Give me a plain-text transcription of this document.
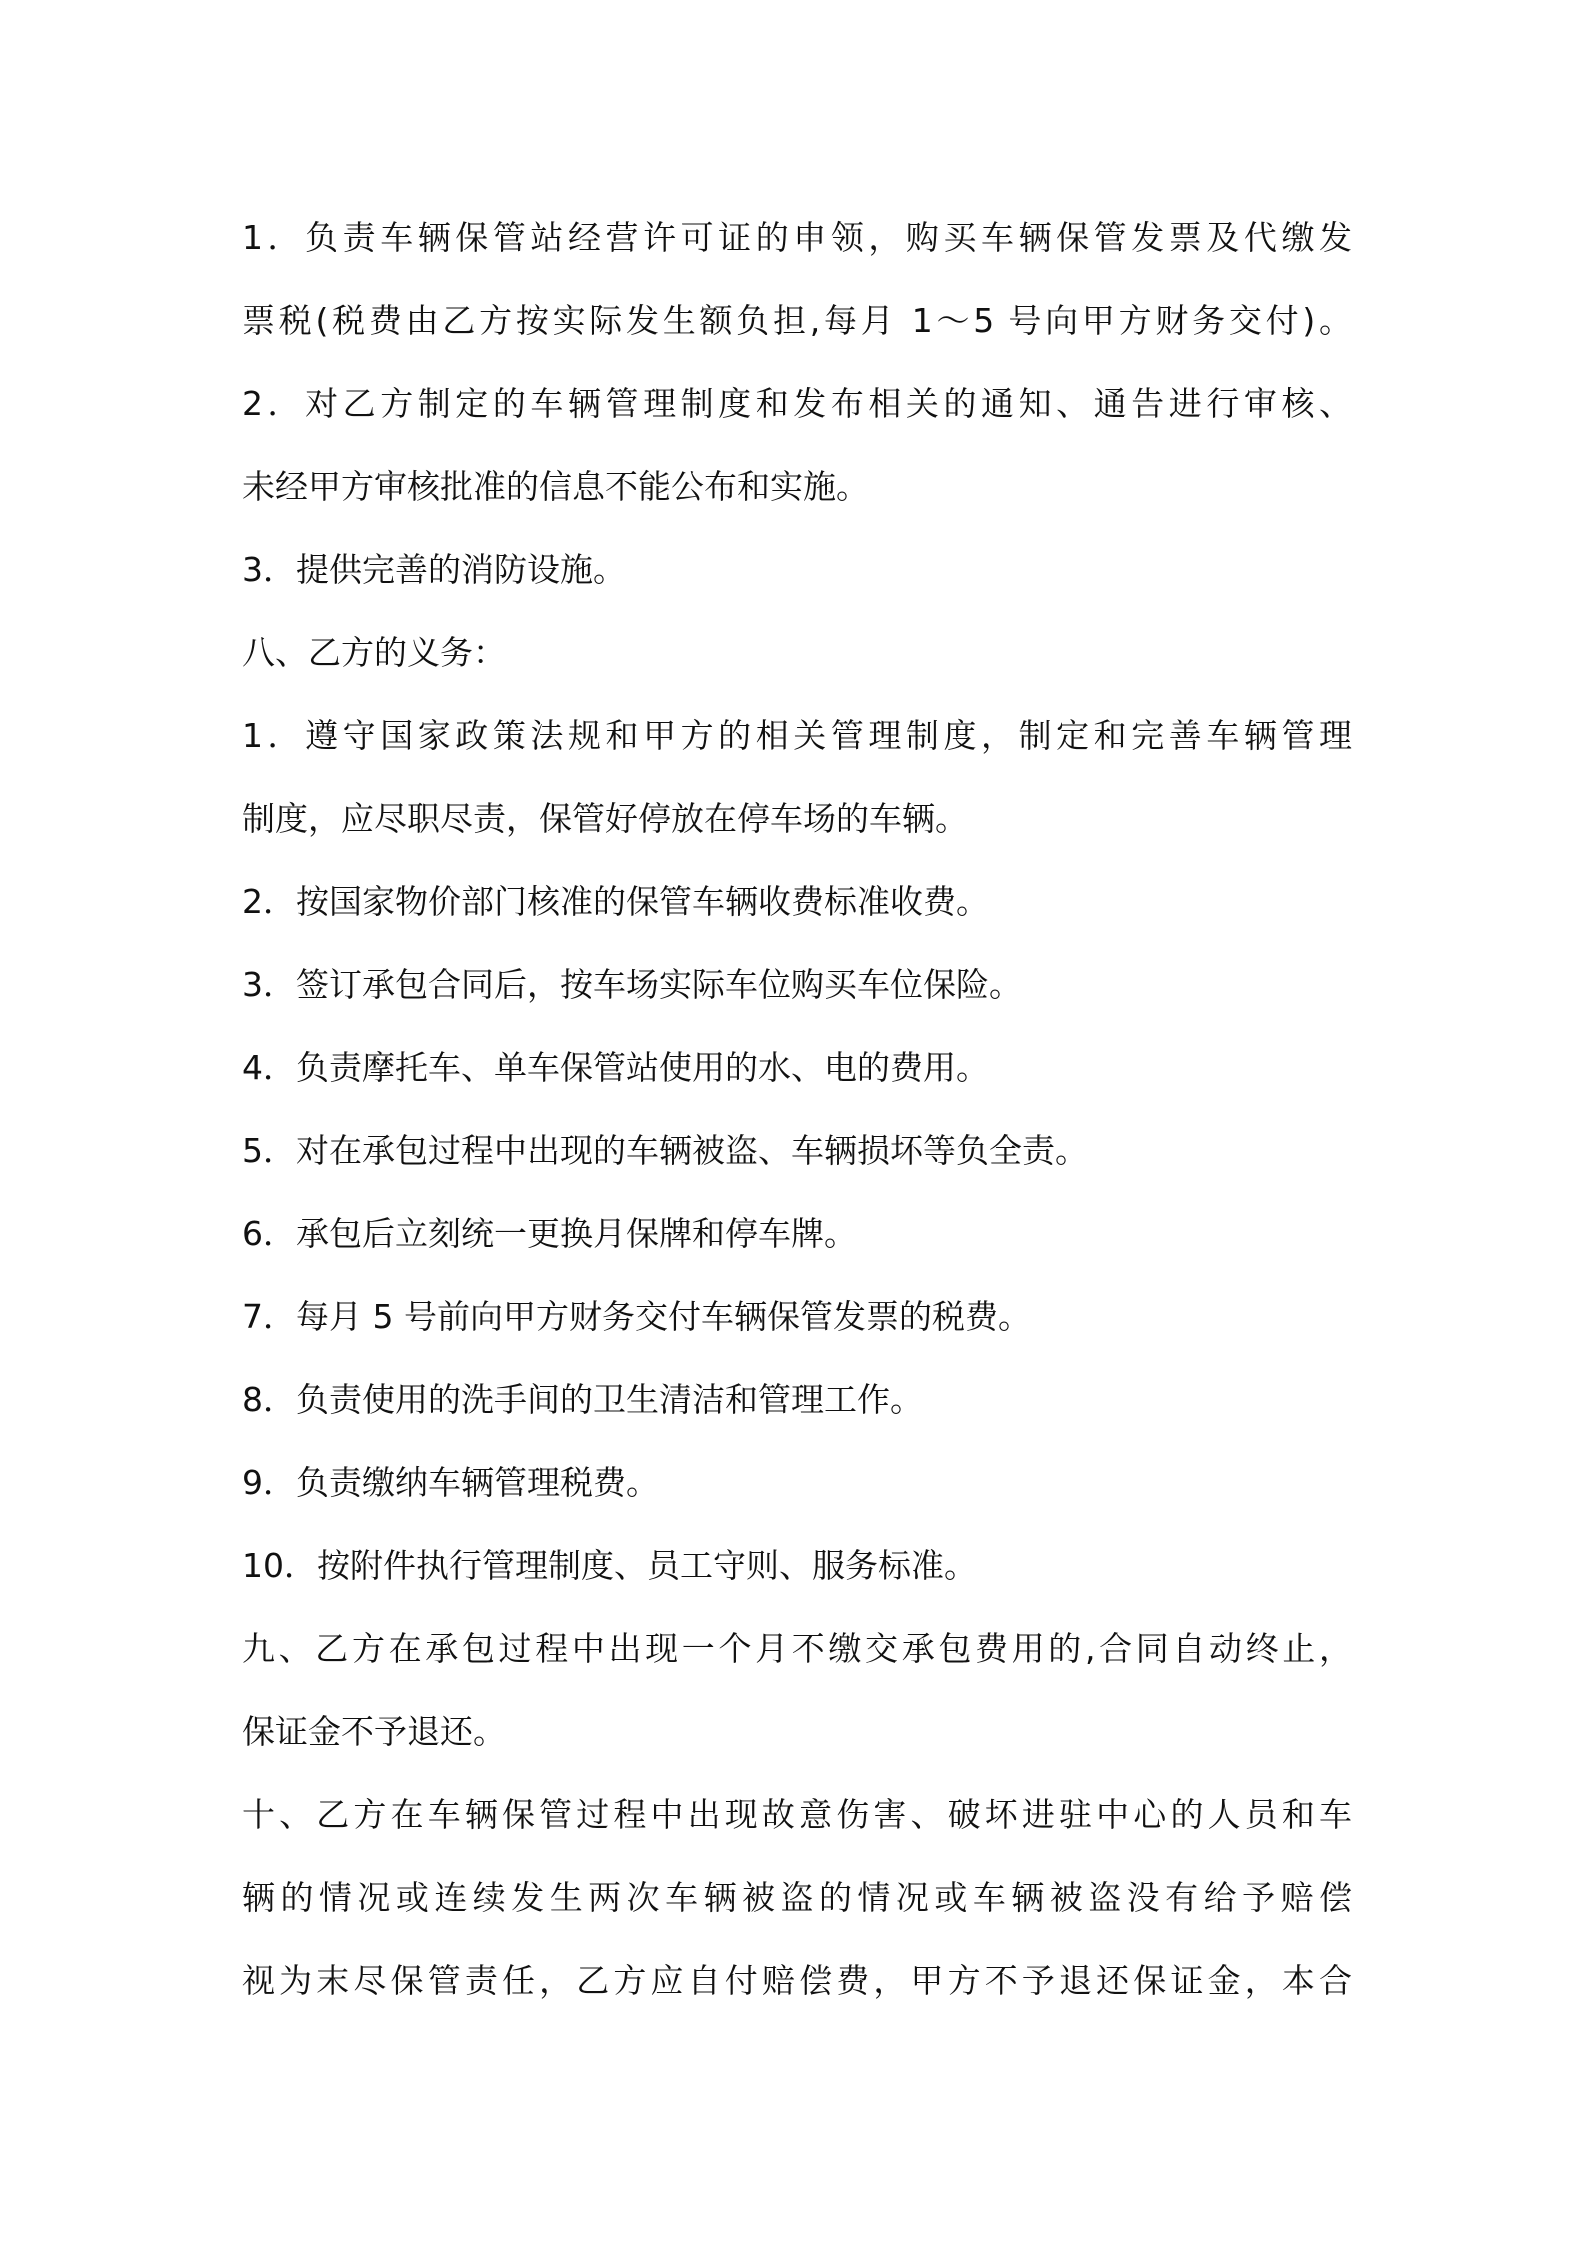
1．负责车辆保管站经营许可证的申领，购买车辆保管发票及代缴发
票税(税费由乙方按实际发生额负担,每月 1～5 号向甲方财务交付)。
2．对乙方制定的车辆管理制度和发布相关的通知、通告进行审核、
未经甲方审核批准的信息不能公布和实施。
3．提供完善的消防设施。
八、乙方的义务：
1．遵守国家政策法规和甲方的相关管理制度，制定和完善车辆管理
制度，应尽职尽责，保管好停放在停车场的车辆。
2．按国家物价部门核准的保管车辆收费标准收费。
3．签订承包合同后，按车场实际车位购买车位保险。
4．负责摩托车、单车保管站使用的水、电的费用。
5．对在承包过程中出现的车辆被盗、车辆损坏等负全责。
6．承包后立刻统一更换月保牌和停车牌。
7．每月 5 号前向甲方财务交付车辆保管发票的税费。
8．负责使用的洗手间的卫生清洁和管理工作。
9．负责缴纳车辆管理税费。
10．按附件执行管理制度、员工守则、服务标准。
九、乙方在承包过程中出现一个月不缴交承包费用的,合同自动终止，
保证金不予退还。
十、乙方在车辆保管过程中出现故意伤害、破坏进驻中心的人员和车
辆的情况或连续发生两次车辆被盗的情况或车辆被盗没有给予赔偿
视为末尽保管责任，乙方应自付赔偿费，甲方不予退还保证金，本合
